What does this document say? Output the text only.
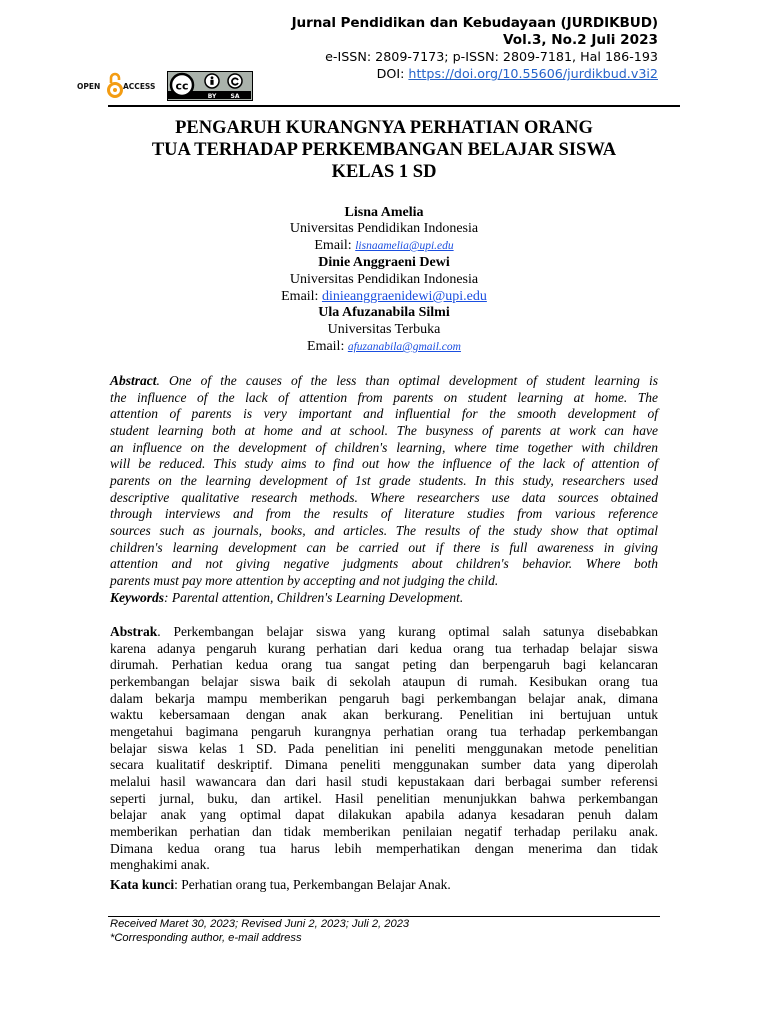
Jurnal Pendidikan dan Kebudayaan (JURDIKBUD)
Vol.3, No.2 Juli 2023
e-ISSN: 2809-7173; p-ISSN: 2809-7181, Hal 186-193
DOI: https://doi.org/10.55606/jurdikbud.v3i2
OPEN	ACCESS cc
BY SA
PENGARUH KURANGNYA PERHATIAN ORANG
TUA TERHADAP PERKEMBANGAN BELAJAR SISWA
KELAS 1 SD
Lisna Amelia
Universitas Pendidikan Indonesia
Email: lisnaamelia@upi.edu
Dinie Anggraeni Dewi
Universitas Pendidikan Indonesia
Email: dinieanggraenidewi@upi.edu
Ula Afuzanabila Silmi
Universitas Terbuka
Email: afuzanabila@gmail.com

Abstract. One of the causes of the less than optimal development of student learning is
the influence of the lack of attention from parents on student learning at home. The
attention of parents is very important and influential for the smooth development of
student learning both at home and at school. The busyness of parents at work can have
an influence on the development of children's learning, where time together with children
will be reduced. This study aims to find out how the influence of the lack of attention of
parents on the learning development of 1st grade students. In this study, researchers used
descriptive qualitative research methods. Where researchers use data sources obtained
through interviews and from the results of literature studies from various reference
sources such as journals, books, and articles. The results of the study show that optimal
children's learning development can be carried out if there is full awareness in giving
attention and not giving negative judgments about children's behavior. Where both
parents must pay more attention by accepting and not judging the child.

Keywords: Parental attention, Children's Learning Development.

Abstrak. Perkembangan belajar siswa yang kurang optimal salah satunya disebabkan
karena adanya pengaruh kurang perhatian dari kedua orang tua terhadap belajar siswa
dirumah. Perhatian kedua orang tua sangat peting dan berpengaruh bagi kelancaran
perkembangan belajar siswa baik di sekolah ataupun di rumah. Kesibukan orang tua
dalam bekarja mampu memberikan pengaruh bagi perkembangan belajar anak, dimana
waktu kebersamaan dengan anak akan berkurang. Penelitian ini bertujuan untuk
mengetahui bagimana pengaruh kurangnya perhatian orang tua terhadap perkembangan
belajar siswa kelas 1 SD. Pada penelitian ini peneliti menggunakan metode penelitian
secara kualitatif deskriptif. Dimana peneliti menggunakan sumber data yang diperolah
melalui hasil wawancara dan dari hasil studi kepustakaan dari berbagai sumber referensi
seperti jurnal, buku, dan artikel. Hasil penelitian menunjukkan bahwa perkembangan
belajar anak yang optimal dapat dilakukan apabila adanya kesadaran penuh dalam
memberikan perhatian dan tidak memberikan penilaian negatif terhadap perilaku anak.
Dimana kedua orang tua harus lebih memperhatikan dengan menerima dan tidak
menghakimi anak.

Kata kunci: Perhatian orang tua, Perkembangan Belajar Anak.
Received Maret 30, 2023; Revised Juni 2, 2023; Juli 2, 2023
*Corresponding author, e-mail address
